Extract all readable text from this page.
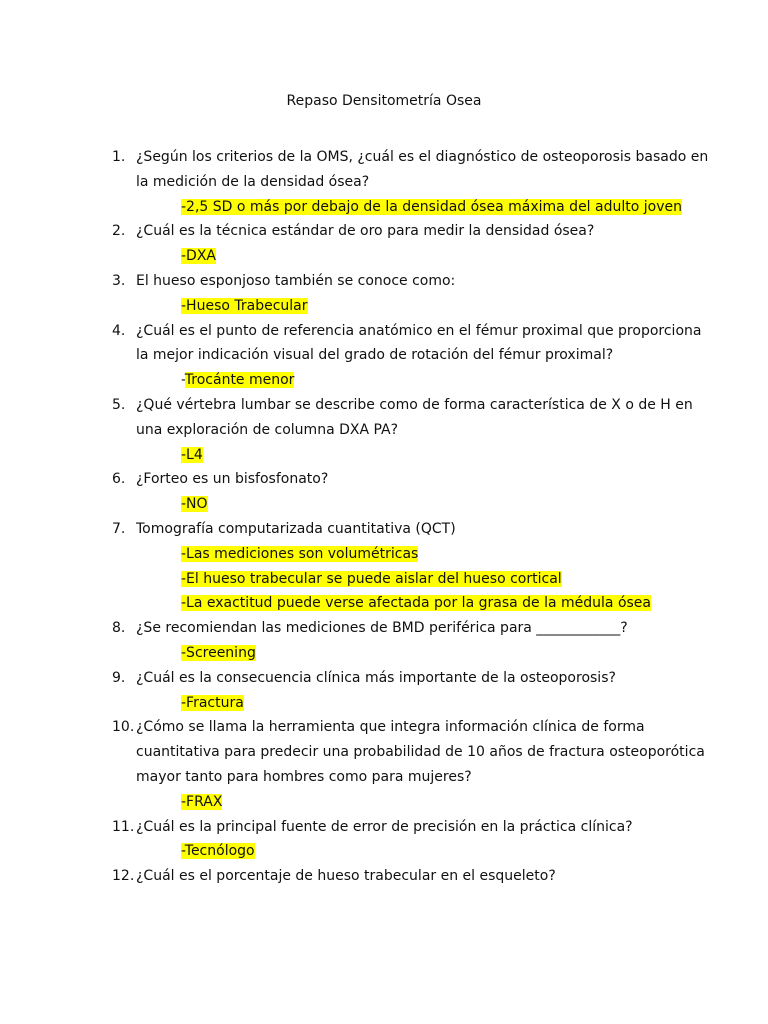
Repaso Densitometría Osea
1. ¿Según los criterios de la OMS, ¿cuál es el diagnóstico de osteoporosis basado en la medición de la densidad ósea?
-2,5 SD o más por debajo de la densidad ósea máxima del adulto joven
2. ¿Cuál es la técnica estándar de oro para medir la densidad ósea?
-DXA
3. El hueso esponjoso también se conoce como:
-Hueso Trabecular
4. ¿Cuál es el punto de referencia anatómico en el fémur proximal que proporciona la mejor indicación visual del grado de rotación del fémur proximal?
-Trocánte menor
5. ¿Qué vértebra lumbar se describe como de forma característica de X o de H en una exploración de columna DXA PA?
-L4
6. ¿Forteo es un bisfosfonato?
-NO
7. Tomografía computarizada cuantitativa (QCT)
-Las mediciones son volumétricas
-El hueso trabecular se puede aislar del hueso cortical
-La exactitud puede verse afectada por la grasa de la médula ósea
8. ¿Se recomiendan las mediciones de BMD periférica para ____________?
-Screening
9. ¿Cuál es la consecuencia clínica más importante de la osteoporosis?
-Fractura
10. ¿Cómo se llama la herramienta que integra información clínica de forma cuantitativa para predecir una probabilidad de 10 años de fractura osteoporótica mayor tanto para hombres como para mujeres?
-FRAX
11. ¿Cuál es la principal fuente de error de precisión en la práctica clínica?
-Tecnólogo
12. ¿Cuál es el porcentaje de hueso trabecular en el esqueleto?
